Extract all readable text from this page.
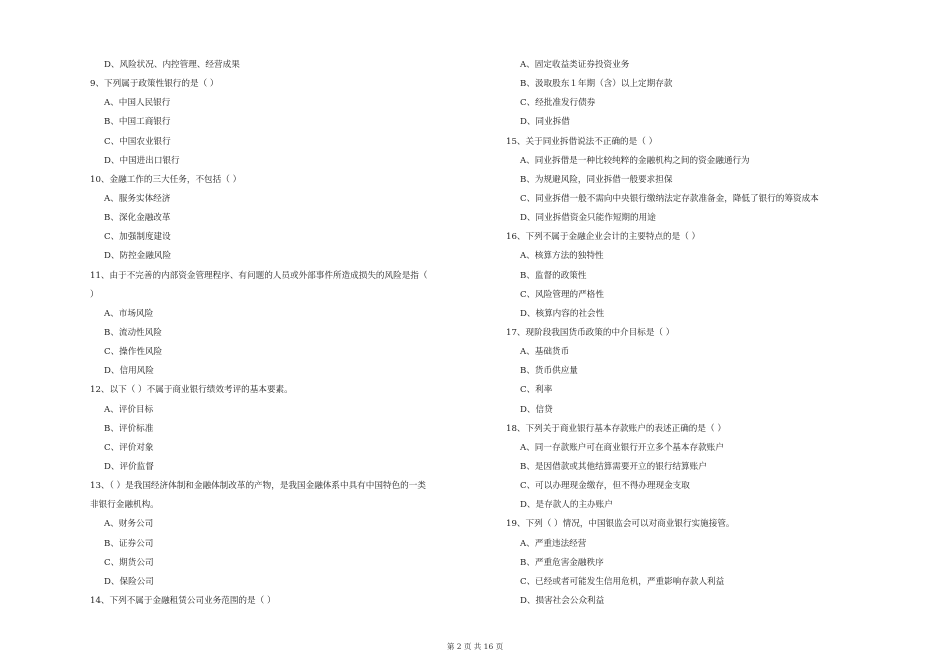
D、风险状况、内控管理、经营成果
9、下列属于政策性银行的是（ ）
A、中国人民银行
B、中国工商银行
C、中国农业银行
D、中国进出口银行
10、金融工作的三大任务，不包括（ ）
A、服务实体经济
B、深化金融改革
C、加强制度建设
D、防控金融风险
11、由于不完善的内部资金管理程序、有问题的人员或外部事件所造成损失的风险是指（
）
A、市场风险
B、流动性风险
C、操作性风险
D、信用风险
12、以下（ ）不属于商业银行绩效考评的基本要素。
A、评价目标
B、评价标准
C、评价对象
D、评价监督
13、（ ）是我国经济体制和金融体制改革的产物，是我国金融体系中具有中国特色的一类
非银行金融机构。
A、财务公司
B、证券公司
C、期货公司
D、保险公司
14、下列不属于金融租赁公司业务范围的是（ ）
A、固定收益类证券投资业务
B、汲取股东１年期（含）以上定期存款
C、经批准发行债券
D、同业拆借
15、关于同业拆借说法不正确的是（ ）
A、同业拆借是一种比较纯粹的金融机构之间的资金融通行为
B、为规避风险，同业拆借一般要求担保
C、同业拆借一般不需向中央银行缴纳法定存款准备金，降低了银行的筹资成本
D、同业拆借资金只能作短期的用途
16、下列不属于金融企业会计的主要特点的是（ ）
A、核算方法的独特性
B、监督的政策性
C、风险管理的严格性
D、核算内容的社会性
17、现阶段我国货币政策的中介目标是（ ）
A、基础货币
B、货币供应量
C、利率
D、信贷
18、下列关于商业银行基本存款账户的表述正确的是（ ）
A、同一存款账户可在商业银行开立多个基本存款账户
B、是因借款或其他结算需要开立的银行结算账户
C、可以办理现金缴存，但不得办理现金支取
D、是存款人的主办账户
19、下列（ ）情况，中国银监会可以对商业银行实施接管。
A、严重违法经营
B、严重危害金融秩序
C、已经或者可能发生信用危机，严重影响存款人利益
D、损害社会公众利益
第 2 页 共 16 页
